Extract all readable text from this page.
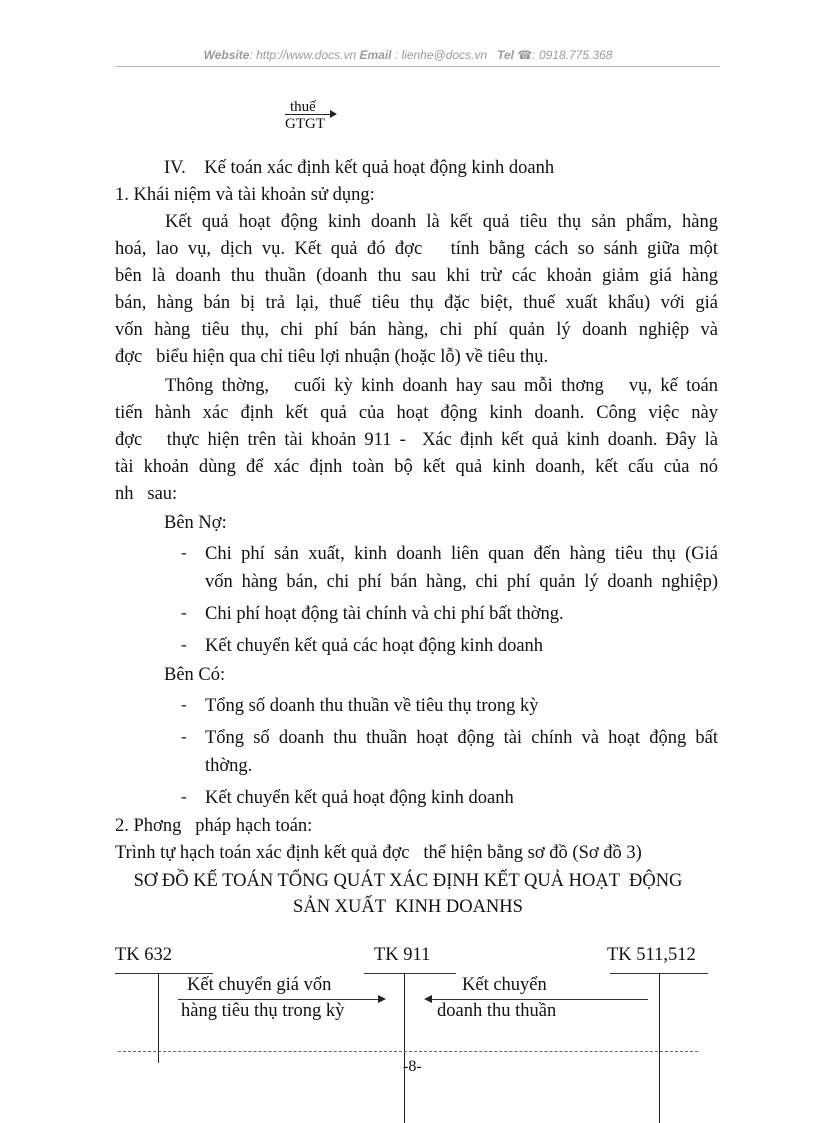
Website: http://www.docs.vn Email : lienhe@docs.vn Tel ☎: 0918.775.368
thuế
GTGT
IV.    Kế toán xác định kết quả hoạt động kinh doanh
1. Khái niệm và tài khoản sử dụng:
Kết quả hoạt động kinh doanh là kết quả tiêu thụ sản phẩm, hàng
hoá, lao vụ, dịch vụ. Kết quả đó đợc   tính bằng cách so sánh giữa một
bên là doanh thu thuần (doanh thu sau khi trừ các khoản giảm giá hàng
bán, hàng bán bị trả lại, thuế tiêu thụ đặc biệt, thuế xuất khẩu) với giá
vốn hàng tiêu thụ, chi phí bán hàng, chi phí quản lý doanh nghiệp và
đợc   biểu hiện qua chỉ tiêu lợi nhuận (hoặc lỗ) về tiêu thụ.
Thông thờng,   cuối kỳ kinh doanh hay sau mỗi thơng   vụ, kế toán
tiến hành xác định kết quả của hoạt động kinh doanh. Công việc này
đợc   thực hiện trên tài khoản 911 -  Xác định kết quả kinh doanh. Đây là
tài khoản dùng để xác định toàn bộ kết quả kinh doanh, kết cấu của nó
nh   sau:
Bên Nợ:
- Chi phí sản xuất, kinh doanh liên quan đến hàng tiêu thụ (Giá
vốn hàng bán, chi phí bán hàng, chi phí quản lý doanh nghiệp)
- Chi phí hoạt động tài chính và chi phí bất thờng.
- Kết chuyển kết quả các hoạt động kinh doanh
Bên Có:
- Tổng số doanh thu thuần về tiêu thụ trong kỳ
- Tổng số doanh thu thuần hoạt động tài chính và hoạt động bất
thờng.
- Kết chuyển kết quả hoạt động kinh doanh
2. Phơng   pháp hạch toán:
Trình tự hạch toán xác định kết quả đợc   thể hiện bằng sơ đồ (Sơ đồ 3)
SƠ ĐỒ KẾ TOÁN TỔNG QUÁT XÁC ĐỊNH KẾT QUẢ HOẠT  ĐỘNG
SẢN XUẤT  KINH DOANHS
TK 632	TK 911	TK 511,512
Kết chuyển giá vốn
hàng tiêu thụ trong kỳ
Kết chuyển
doanh thu thuần
-8-
